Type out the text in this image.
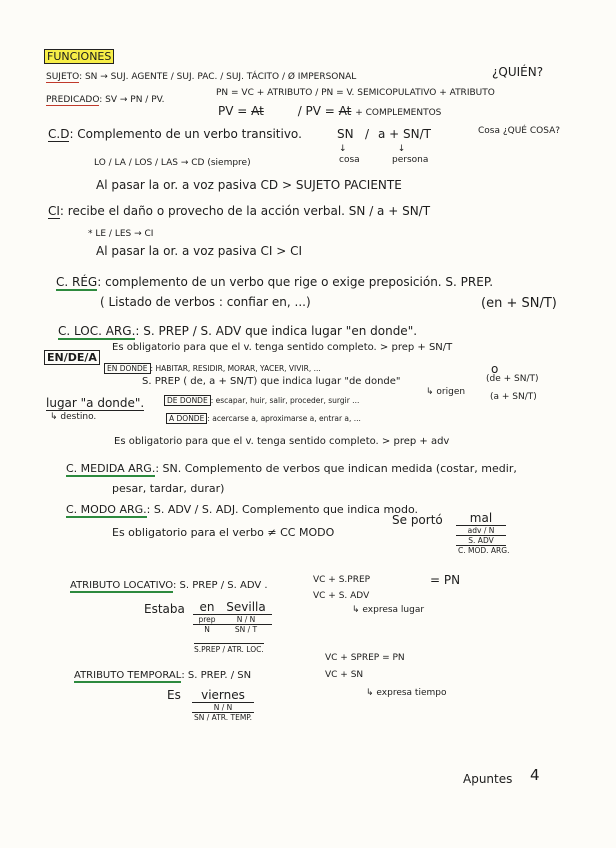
FUNCIONES
SUJETO: SN → SUJ. AGENTE / SUJ. PAC. / SUJ. TÁCITO / Ø IMPERSONAL	¿QUIÉN?
PREDICADO: SV → PN / PV.
PN = VC + ATRIBUTO / PN = V. SEMICOPULATIVO + ATRIBUTO
PV = At	/ PV = At + COMPLEMENTOS
C.D: Complemento de un verbo transitivo.	SN / a + SN/T	Cosa ¿QUÉ COSA?
↓
cosa
↓
persona
LO / LA / LOS / LAS → CD (siempre)
Al pasar la or. a voz pasiva CD > SUJETO PACIENTE
CI: recibe el daño o provecho de la acción verbal. SN / a + SN/T
* LE / LES → CI
Al pasar la or. a voz pasiva CI > CI
C. RÉG: complemento de un verbo que rige o exige preposición. S. PREP.
( Listado de verbos : confiar en, ...)
C. LOC. ARG.: S. PREP / S. ADV que indica lugar "en donde".
(en + SN/T)
Es obligatorio para que el v. tenga sentido completo. > prep + SN/T
EN/DE/A
EN DONDE : HABITAR, RESIDIR, MORAR, YACER, VIVIR, ...
S. PREP ( de, a + SN/T) que indica lugar "de donde"
o
(de + SN/T)
↳ origen	(a + SN/T)
lugar "a donde".	DE DONDE : escapar, huir, salir, proceder, surgir ...
↳ destino.	A DONDE : acercarse a, aproximarse a, entrar a, ...
Es obligatorio para que el v. tenga sentido completo. > prep + adv
C. MEDIDA ARG.: SN. Complemento de verbos que indican medida (costar, medir,
pesar, tardar, durar)
C. MODO ARG.: S. ADV / S. ADJ. Complemento que indica modo.
Es obligatorio para el verbo ≠ CC MODO
Se portó	mal
adv / N
S. ADV
C. MOD. ARG.
ATRIBUTO LOCATIVO: S. PREP / S. ADV .	VC + S.PREP
VC + S. ADV
= PN
↳ expresa lugar
Estaba	en
prep
N
Sevilla
N / N
SN / T
S.PREP / ATR. LOC.
ATRIBUTO TEMPORAL: S. PREP. / SN
VC + SPREP = PN
VC + SN
↳ expresa tiempo
Es	viernes
N / N
SN / ATR. TEMP.
Apuntes 4
